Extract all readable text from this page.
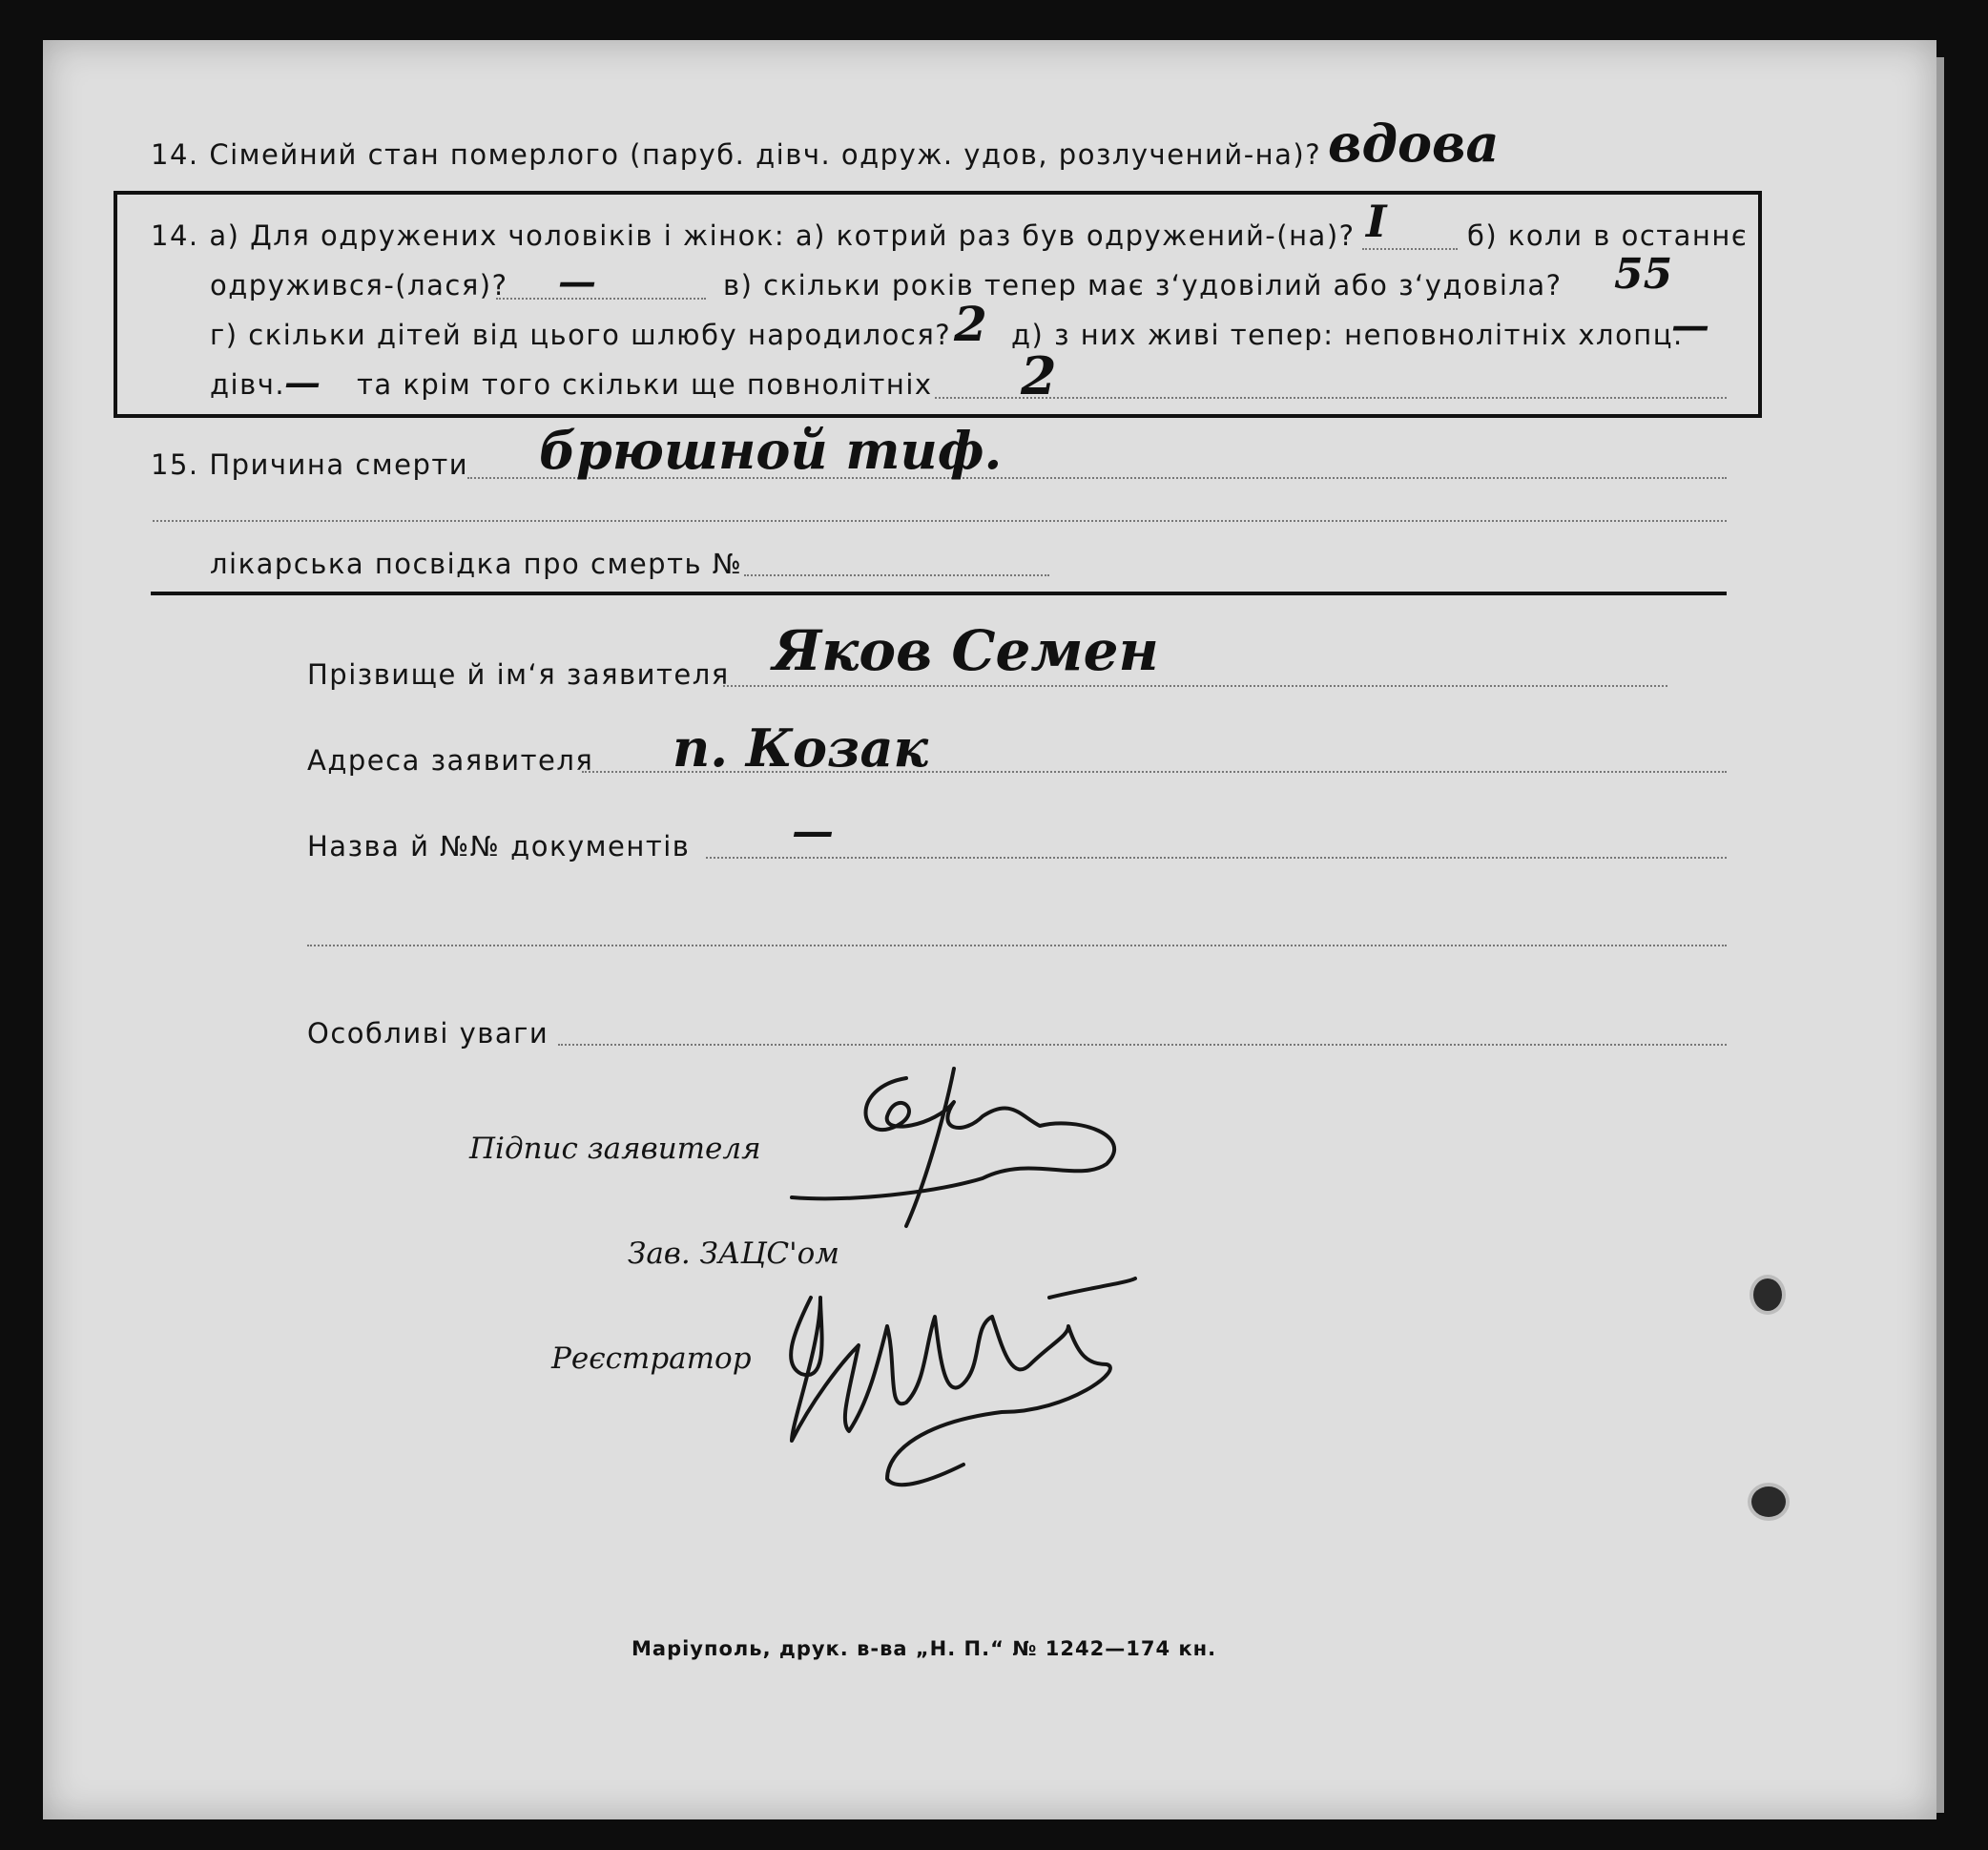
14. Сімейний стан померлого (паруб. дівч. одруж. удов, розлучений-на)? вдова
14. а) Для одружених чоловіків і жінок: а) котрий раз був одружений-(на)? I	б) коли в останнє
одружився-(лася)? —	в) скільки років тепер має з‘удовілий або з‘удовіла? 55
г) скільки дітей від цього шлюбу народилося? 2 д) з них живі тепер: неповнолітніх хлопц.
—
дівч.
— та крім того скільки ще повнолітніх 2
15. Причина смерти брюшной тиф.
лікарська посвідка про смерть №
Прізвище й ім‘я заявителя Яков Семен
Адреса заявителя п. Козак
Назва й №№ документів —
Особливі уваги
Підпис заявителя
Зав. ЗАЦС'ом
Реєстратор
Маріуполь, друк. в-ва „Н. П.“ № 1242—174 кн.
